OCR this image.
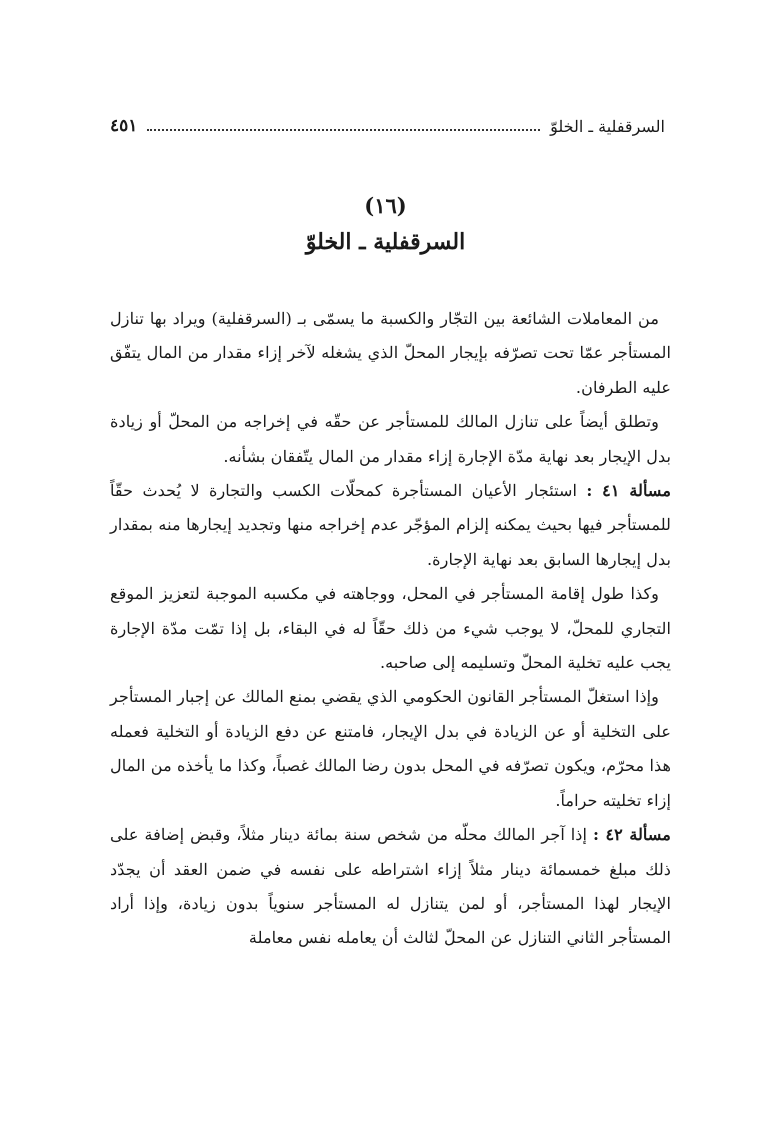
السرقفلية ـ الخلوّ
٤٥١
(١٦)
السرقفلية ـ الخلوّ

من المعاملات الشائعة بين التجّار والكسبة ما يسمّى بـ (السرقفلية) ويراد بها تنازل المستأجر عمّا تحت تصرّفه بإيجار المحلّ الذي يشغله لآخر إزاء مقدار من المال يتفّق عليه الطرفان.

وتطلق أيضاً على تنازل المالك للمستأجر عن حقّه في إخراجه من المحلّ أو زيادة بدل الإيجار بعد نهاية مدّة الإجارة إزاء مقدار من المال يتّفقان بشأنه.

مسألة ٤١ : استئجار الأعيان المستأجرة كمحلّات الكسب والتجارة لا يُحدث حقّاً للمستأجر فيها بحيث يمكنه إلزام المؤجّر عدم إخراجه منها وتجديد إيجارها منه بمقدار بدل إيجارها السابق بعد نهاية الإجارة.

وكذا طول إقامة المستأجر في المحل، ووجاهته في مكسبه الموجبة لتعزيز الموقع التجاري للمحلّ، لا يوجب شيء من ذلك حقّاً له في البقاء، بل إذا تمّت مدّة الإجارة يجب عليه تخلية المحلّ وتسليمه إلى صاحبه.

وإذا استغلّ المستأجر القانون الحكومي الذي يقضي بمنع المالك عن إجبار المستأجر على التخلية أو عن الزيادة في بدل الإيجار، فامتنع عن دفع الزيادة أو التخلية فعمله هذا محرّم، ويكون تصرّفه في المحل بدون رضا المالك غصباً، وكذا ما يأخذه من المال إزاء تخليته حراماً.

مسألة ٤٢ : إذا آجر المالك محلّه من شخص سنة بمائة دينار مثلاً، وقبض إضافة على ذلك مبلغ خمسمائة دينار مثلاً إزاء اشتراطه على نفسه في ضمن العقد أن يجدّد الإيجار لهذا المستأجر، أو لمن يتنازل له المستأجر سنوياً بدون زيادة، وإذا أراد المستأجر الثاني التنازل عن المحلّ لثالث أن يعامله نفس معاملة
